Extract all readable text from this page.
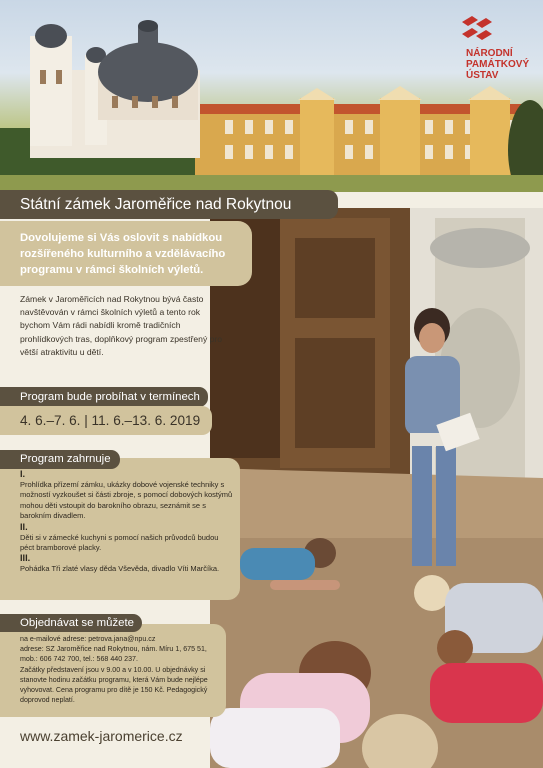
NÁRODNÍ
PAMÁTKOVÝ
ÚSTAV
Státní zámek Jaroměřice nad Rokytnou
Dovolujeme si Vás oslovit s nabídkou rozšířeného kulturního a vzdělávacího programu v rámci školních výletů.
Zámek v Jaroměřicích nad Rokytnou bývá často navštěvován v rámci školních výletů a tento rok bychom Vám rádi nabídli kromě tradičních prohlídkových tras, doplňkový program zpestřený pro větší atraktivitu u dětí.
Program bude probíhat v termínech
4. 6.–7. 6. | 11. 6.–13. 6. 2019
I.
Prohlídka přízemí zámku, ukázky dobové vojenské techniky s možností vyzkoušet si části zbroje, s pomocí dobových kostýmů mohou děti vstoupit do barokního obrazu, seznámit se s barokním divadlem.
II.
Děti si v zámecké kuchyni s pomocí našich průvodců budou péct bramborové placky.
III.
Pohádka Tři zlaté vlasy děda Vševěda, divadlo Víti Marčíka.
Program zahrnuje
na e-mailové adrese: petrova.jana@npu.cz
adrese: SZ Jaroměřice nad Rokytnou, nám. Míru 1, 675 51,
mob.: 606 742 700, tel.: 568 440 237.
Začátky představení jsou v 9.00 a v 10.00. U objednávky si stanovte hodinu začátku programu, která Vám bude nejlépe vyhovovat. Cena programu pro dítě je 150 Kč. Pedagogický doprovod neplatí.
Objednávat se můžete
www.zamek-jaromerice.cz
